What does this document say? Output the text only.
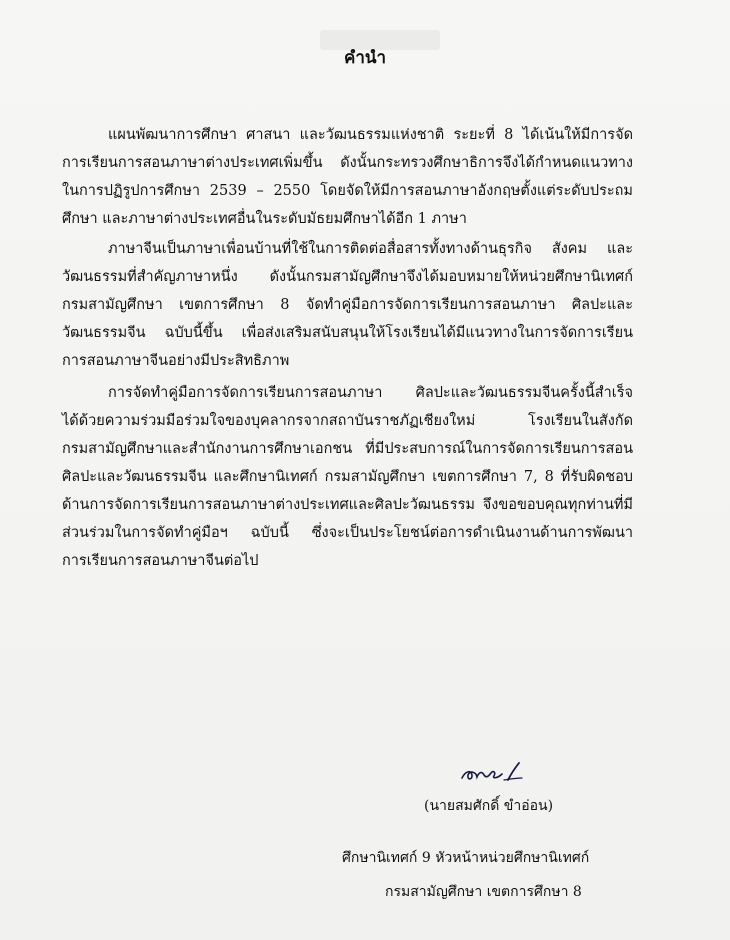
คำนำ
แผนพัฒนาการศึกษา ศาสนา และวัฒนธรรมแห่งชาติ ระยะที่ 8 ได้เน้นให้มีการจัด
การเรียนการสอนภาษาต่างประเทศเพิ่มขึ้น ดังนั้นกระทรวงศึกษาธิการจึงได้กำหนดแนวทาง
ในการปฏิรูปการศึกษา 2539 – 2550 โดยจัดให้มีการสอนภาษาอังกฤษตั้งแต่ระดับประถม
ศึกษา และภาษาต่างประเทศอื่นในระดับมัธยมศึกษาได้อีก 1 ภาษา
ภาษาจีนเป็นภาษาเพื่อนบ้านที่ใช้ในการติดต่อสื่อสารทั้งทางด้านธุรกิจ สังคม และ
วัฒนธรรมที่สำคัญภาษาหนึ่ง ดังนั้นกรมสามัญศึกษาจึงได้มอบหมายให้หน่วยศึกษานิเทศก์
กรมสามัญศึกษา เขตการศึกษา 8 จัดทำคู่มือการจัดการเรียนการสอนภาษา ศิลปะและ
วัฒนธรรมจีน ฉบับนี้ขึ้น เพื่อส่งเสริมสนับสนุนให้โรงเรียนได้มีแนวทางในการจัดการเรียน
การสอนภาษาจีนอย่างมีประสิทธิภาพ
การจัดทำคู่มือการจัดการเรียนการสอนภาษา ศิลปะและวัฒนธรรมจีนครั้งนี้สำเร็จ
ได้ด้วยความร่วมมือร่วมใจของบุคลากรจากสถาบันราชภัฏเชียงใหม่ โรงเรียนในสังกัด
กรมสามัญศึกษาและสำนักงานการศึกษาเอกชน ที่มีประสบการณ์ในการจัดการเรียนการสอน
ศิลปะและวัฒนธรรมจีน และศึกษานิเทศก์ กรมสามัญศึกษา เขตการศึกษา 7, 8 ที่รับผิดชอบ
ด้านการจัดการเรียนการสอนภาษาต่างประเทศและศิลปะวัฒนธรรม จึงขอขอบคุณทุกท่านที่มี
ส่วนร่วมในการจัดทำคู่มือฯ ฉบับนี้ ซึ่งจะเป็นประโยชน์ต่อการดำเนินงานด้านการพัฒนา
การเรียนการสอนภาษาจีนต่อไป
(นายสมศักดิ์ ขำอ่อน)
ศึกษานิเทศก์ 9 หัวหน้าหน่วยศึกษานิเทศก์
กรมสามัญศึกษา เขตการศึกษา 8
